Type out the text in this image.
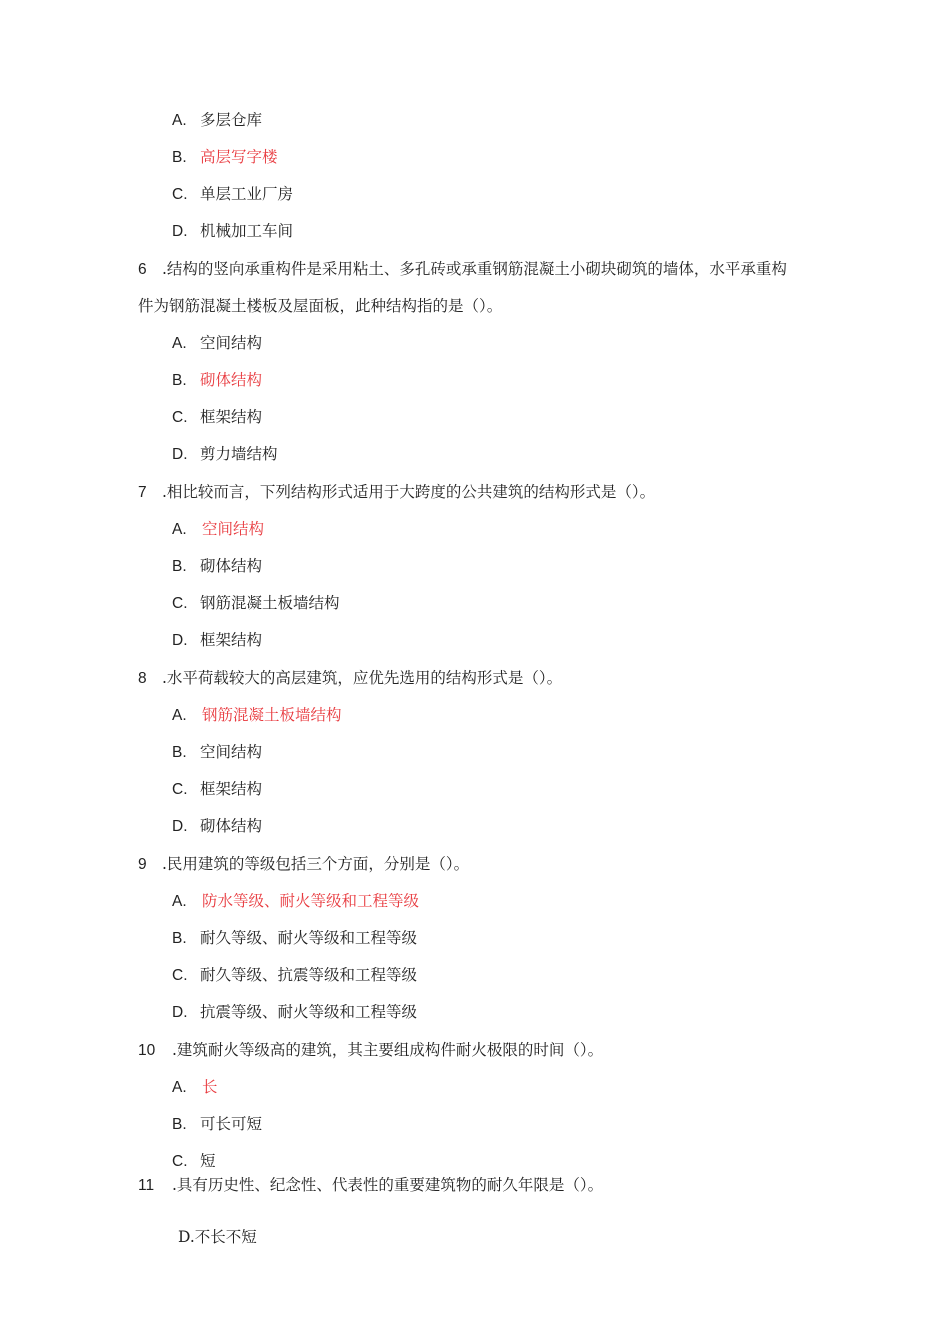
A. 多层仓库
B. 高层写字楼
C. 单层工业厂房
D. 机械加工车间
6 .结构的竖向承重构件是采用粘土、多孔砖或承重钢筋混凝土小砌块砌筑的墙体，水平承重构
件为钢筋混凝土楼板及屋面板，此种结构指的是（）。
A. 空间结构
B. 砌体结构
C. 框架结构
D. 剪力墙结构
7 .相比较而言，下列结构形式适用于大跨度的公共建筑的结构形式是（）。
A. 空间结构
B. 砌体结构
C. 钢筋混凝土板墙结构
D. 框架结构
8 .水平荷载较大的高层建筑，应优先选用的结构形式是（）。
A. 钢筋混凝土板墙结构
B. 空间结构
C. 框架结构
D. 砌体结构
9 .民用建筑的等级包括三个方面，分别是（）。
A. 防水等级、耐火等级和工程等级
B. 耐久等级、耐火等级和工程等级
C. 耐久等级、抗震等级和工程等级
D. 抗震等级、耐火等级和工程等级
10 .建筑耐火等级高的建筑，其主要组成构件耐火极限的时间（）。
A. 长
B. 可长可短
C. 短
11 .具有历史性、纪念性、代表性的重要建筑物的耐久年限是（）。
D.不长不短
